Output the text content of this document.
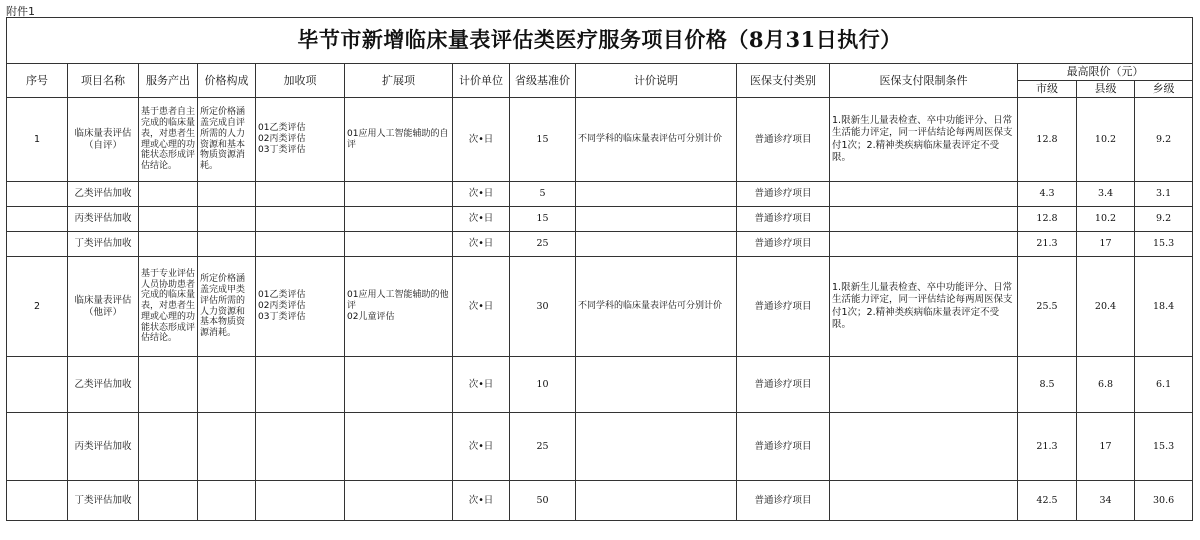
附件1
毕节市新增临床量表评估类医疗服务项目价格（8月31日执行）													
序号	项目名称	服务产出	价格构成	加收项	扩展项	计价单位	省级基准价	计价说明	医保支付类别	医保支付限制条件	最高限价（元）		
											市级	县级	乡级
1	临床量表评估（自评）	基于患者自主完成的临床量表，对患者生理或心理的功能状态形成评估结论。	所定价格涵盖完成自评所需的人力资源和基本物质资源消耗。	01乙类评估
02丙类评估
03丁类评估	01应用人工智能辅助的自评	次•日	15	不同学科的临床量表评估可分别计价	普通诊疗项目	1.限新生儿量表检查、卒中功能评分、日常生活能力评定，同一评估结论每两周医保支付1次；2.精神类疾病临床量表评定不受限。	12.8	10.2	9.2
	乙类评估加收					次•日	5		普通诊疗项目		4.3	3.4	3.1
	丙类评估加收					次•日	15		普通诊疗项目		12.8	10.2	9.2
	丁类评估加收					次•日	25		普通诊疗项目		21.3	17	15.3
2	临床量表评估（他评）	基于专业评估人员协助患者完成的临床量表，对患者生理或心理的功能状态形成评估结论。	所定价格涵盖完成甲类评估所需的人力资源和基本物质资源消耗。	01乙类评估
02丙类评估
03丁类评估	01应用人工智能辅助的他评
02儿童评估	次•日	30	不同学科的临床量表评估可分别计价	普通诊疗项目	1.限新生儿量表检查、卒中功能评分、日常生活能力评定，同一评估结论每两周医保支付1次；2.精神类疾病临床量表评定不受限。	25.5	20.4	18.4
	乙类评估加收					次•日	10		普通诊疗项目		8.5	6.8	6.1
	丙类评估加收					次•日	25		普通诊疗项目		21.3	17	15.3
	丁类评估加收					次•日	50		普通诊疗项目		42.5	34	30.6
